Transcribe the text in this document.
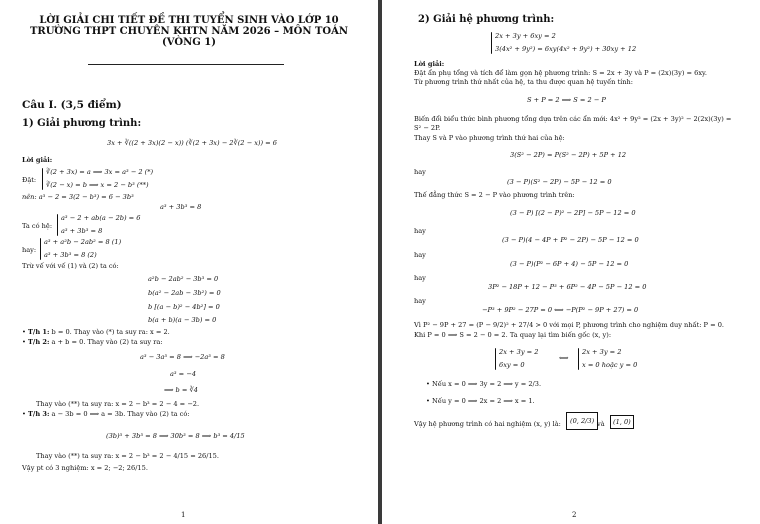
LỜI GIẢI CHI TIẾT ĐỀ THI TUYỂN SINH VÀO LỚP 10
TRƯỜNG THPT CHUYÊN KHTN NĂM 2026 – MÔN TOÁN
(VÒNG 1)
Câu I. (3,5 điểm)
1) Giải phương trình:
3x + ∛((2 + 3x)(2 − x)) (∛(2 + 3x) − 2∛(2 − x)) = 6
Lời giải:
Đặt:
∛(2 + 3x) = a ⟹ 3x = a³ − 2 (*)
∛(2 − x) = b ⟹ x = 2 − b³ (**)
nên: a³ − 2 = 3(2 − b³) = 6 − 3b³
a³ + 3b³ = 8
Ta có hệ:
a³ − 2 + ab(a − 2b) = 6
a³ + 3b³ = 8
hay:
a³ + a²b − 2ab² = 8 (1)
a³ + 3b³ = 8 (2)
Trừ vế với vế (1) và (2) ta có:
a²b − 2ab² − 3b³ = 0
b(a² − 2ab − 3b²) = 0
b [(a − b)² − 4b²] = 0
b(a + b)(a − 3b) = 0
• T/h 1: b = 0. Thay vào (*) ta suy ra: x = 2.
• T/h 2: a + b = 0. Thay vào (2) ta suy ra:
a³ − 3a³ = 8 ⟹ −2a³ = 8
a³ = −4
⟹ b = ∛4
Thay vào (**) ta suy ra: x = 2 − b³ = 2 − 4 = −2.
• T/h 3: a − 3b = 0 ⟹ a = 3b. Thay vào (2) ta có:
(3b)³ + 3b³ = 8 ⟹ 30b³ = 8 ⟹ b³ = 4/15
Thay vào (**) ta suy ra: x = 2 − b³ = 2 − 4/15 = 26/15.
Vậy pt có 3 nghiệm: x = 2; −2; 26/15.
1
2) Giải hệ phương trình:
2x + 3y + 6xy = 2
3(4x² + 9y²) = 6xy(4x² + 9y²) + 30xy + 12
Lời giải:
Đặt ẩn phụ tổng và tích để làm gọn hệ phương trình: S = 2x + 3y và P = (2x)(3y) = 6xy.
Từ phương trình thứ nhất của hệ, ta thu được quan hệ tuyến tính:
S + P = 2 ⟹ S = 2 − P
Biến đổi biểu thức bình phương tổng dựa trên các ẩn mới: 4x² + 9y² = (2x + 3y)² − 2(2x)(3y) =
S² − 2P.
Thay S và P vào phương trình thứ hai của hệ:
3(S² − 2P) = P(S² − 2P) + 5P + 12
hay
(3 − P)(S² − 2P) − 5P − 12 = 0
Thế đẳng thức S = 2 − P vào phương trình trên:
(3 − P) [(2 − P)² − 2P] − 5P − 12 = 0
hay
(3 − P)(4 − 4P + P² − 2P) − 5P − 12 = 0
hay
(3 − P)(P² − 6P + 4) − 5P − 12 = 0
hay
3P² − 18P + 12 − P³ + 6P² − 4P − 5P − 12 = 0
hay
−P³ + 9P² − 27P = 0 ⟺ −P(P² − 9P + 27) = 0
Vì P² − 9P + 27 = (P − 9/2)² + 27/4 > 0 với mọi P, phương trình cho nghiệm duy nhất: P = 0.
Khi P = 0 ⟹ S = 2 − 0 = 2. Ta quay lại tìm biến gốc (x, y):
2x + 3y = 2
6xy = 0
⟺
2x + 3y = 2
x = 0 hoặc y = 0
• Nếu x = 0 ⟹ 3y = 2 ⟹ y = 2/3.
• Nếu y = 0 ⟹ 2x = 2 ⟹ x = 1.
Vậy hệ phương trình có hai nghiệm (x, y) là:	(0, 2/3) và	(1, 0)
2
